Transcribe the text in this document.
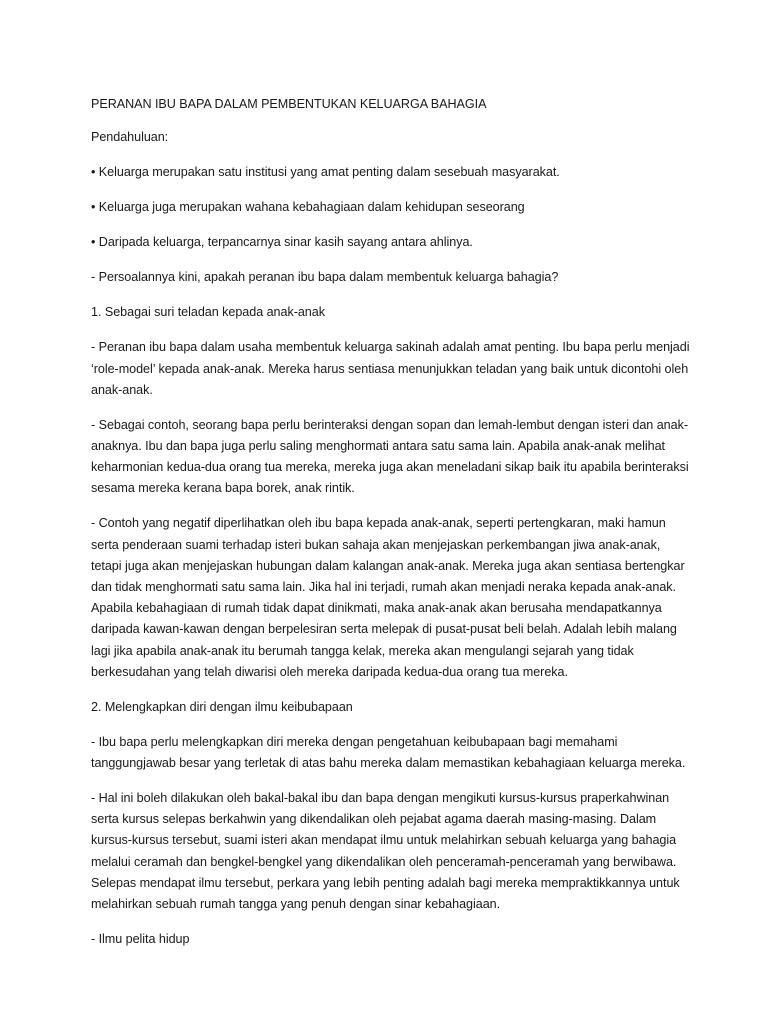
PERANAN IBU BAPA DALAM PEMBENTUKAN KELUARGA BAHAGIA

Pendahuluan:

• Keluarga merupakan satu institusi yang amat penting dalam sesebuah masyarakat.

• Keluarga juga merupakan wahana kebahagiaan dalam kehidupan seseorang

• Daripada keluarga, terpancarnya sinar kasih sayang antara ahlinya.

- Persoalannya kini, apakah peranan ibu bapa dalam membentuk keluarga bahagia?

1. Sebagai suri teladan kepada anak-anak

- Peranan ibu bapa dalam usaha membentuk keluarga sakinah adalah amat penting. Ibu bapa perlu menjadi ‘role-model’ kepada anak-anak. Mereka harus sentiasa menunjukkan teladan yang baik untuk dicontohi oleh anak-anak.

- Sebagai contoh, seorang bapa perlu berinteraksi dengan sopan dan lemah-lembut dengan isteri dan anak-anaknya. Ibu dan bapa juga perlu saling menghormati antara satu sama lain. Apabila anak-anak melihat keharmonian kedua-dua orang tua mereka, mereka juga akan meneladani sikap baik itu apabila berinteraksi sesama mereka kerana bapa borek, anak rintik.

- Contoh yang negatif diperlihatkan oleh ibu bapa kepada anak-anak, seperti pertengkaran, maki hamun serta penderaan suami terhadap isteri bukan sahaja akan menjejaskan perkembangan jiwa anak-anak, tetapi juga akan menjejaskan hubungan dalam kalangan anak-anak. Mereka juga akan sentiasa bertengkar dan tidak menghormati satu sama lain. Jika hal ini terjadi, rumah akan menjadi neraka kepada anak-anak. Apabila kebahagiaan di rumah tidak dapat dinikmati, maka anak-anak akan berusaha mendapatkannya daripada kawan-kawan dengan berpelesiran serta melepak di pusat-pusat beli belah. Adalah lebih malang lagi jika apabila anak-anak itu berumah tangga kelak, mereka akan mengulangi sejarah yang tidak berkesudahan yang telah diwarisi oleh mereka daripada kedua-dua orang tua mereka.

2. Melengkapkan diri dengan ilmu keibubapaan

- Ibu bapa perlu melengkapkan diri mereka dengan pengetahuan keibubapaan bagi memahami tanggungjawab besar yang terletak di atas bahu mereka dalam memastikan kebahagiaan keluarga mereka.

- Hal ini boleh dilakukan oleh bakal-bakal ibu dan bapa dengan mengikuti kursus-kursus praperkahwinan serta kursus selepas berkahwin yang dikendalikan oleh pejabat agama daerah masing-masing. Dalam kursus-kursus tersebut, suami isteri akan mendapat ilmu untuk melahirkan sebuah keluarga yang bahagia melalui ceramah dan bengkel-bengkel yang dikendalikan oleh penceramah-penceramah yang berwibawa. Selepas mendapat ilmu tersebut, perkara yang lebih penting adalah bagi mereka mempraktikkannya untuk melahirkan sebuah rumah tangga yang penuh dengan sinar kebahagiaan.

- Ilmu pelita hidup
